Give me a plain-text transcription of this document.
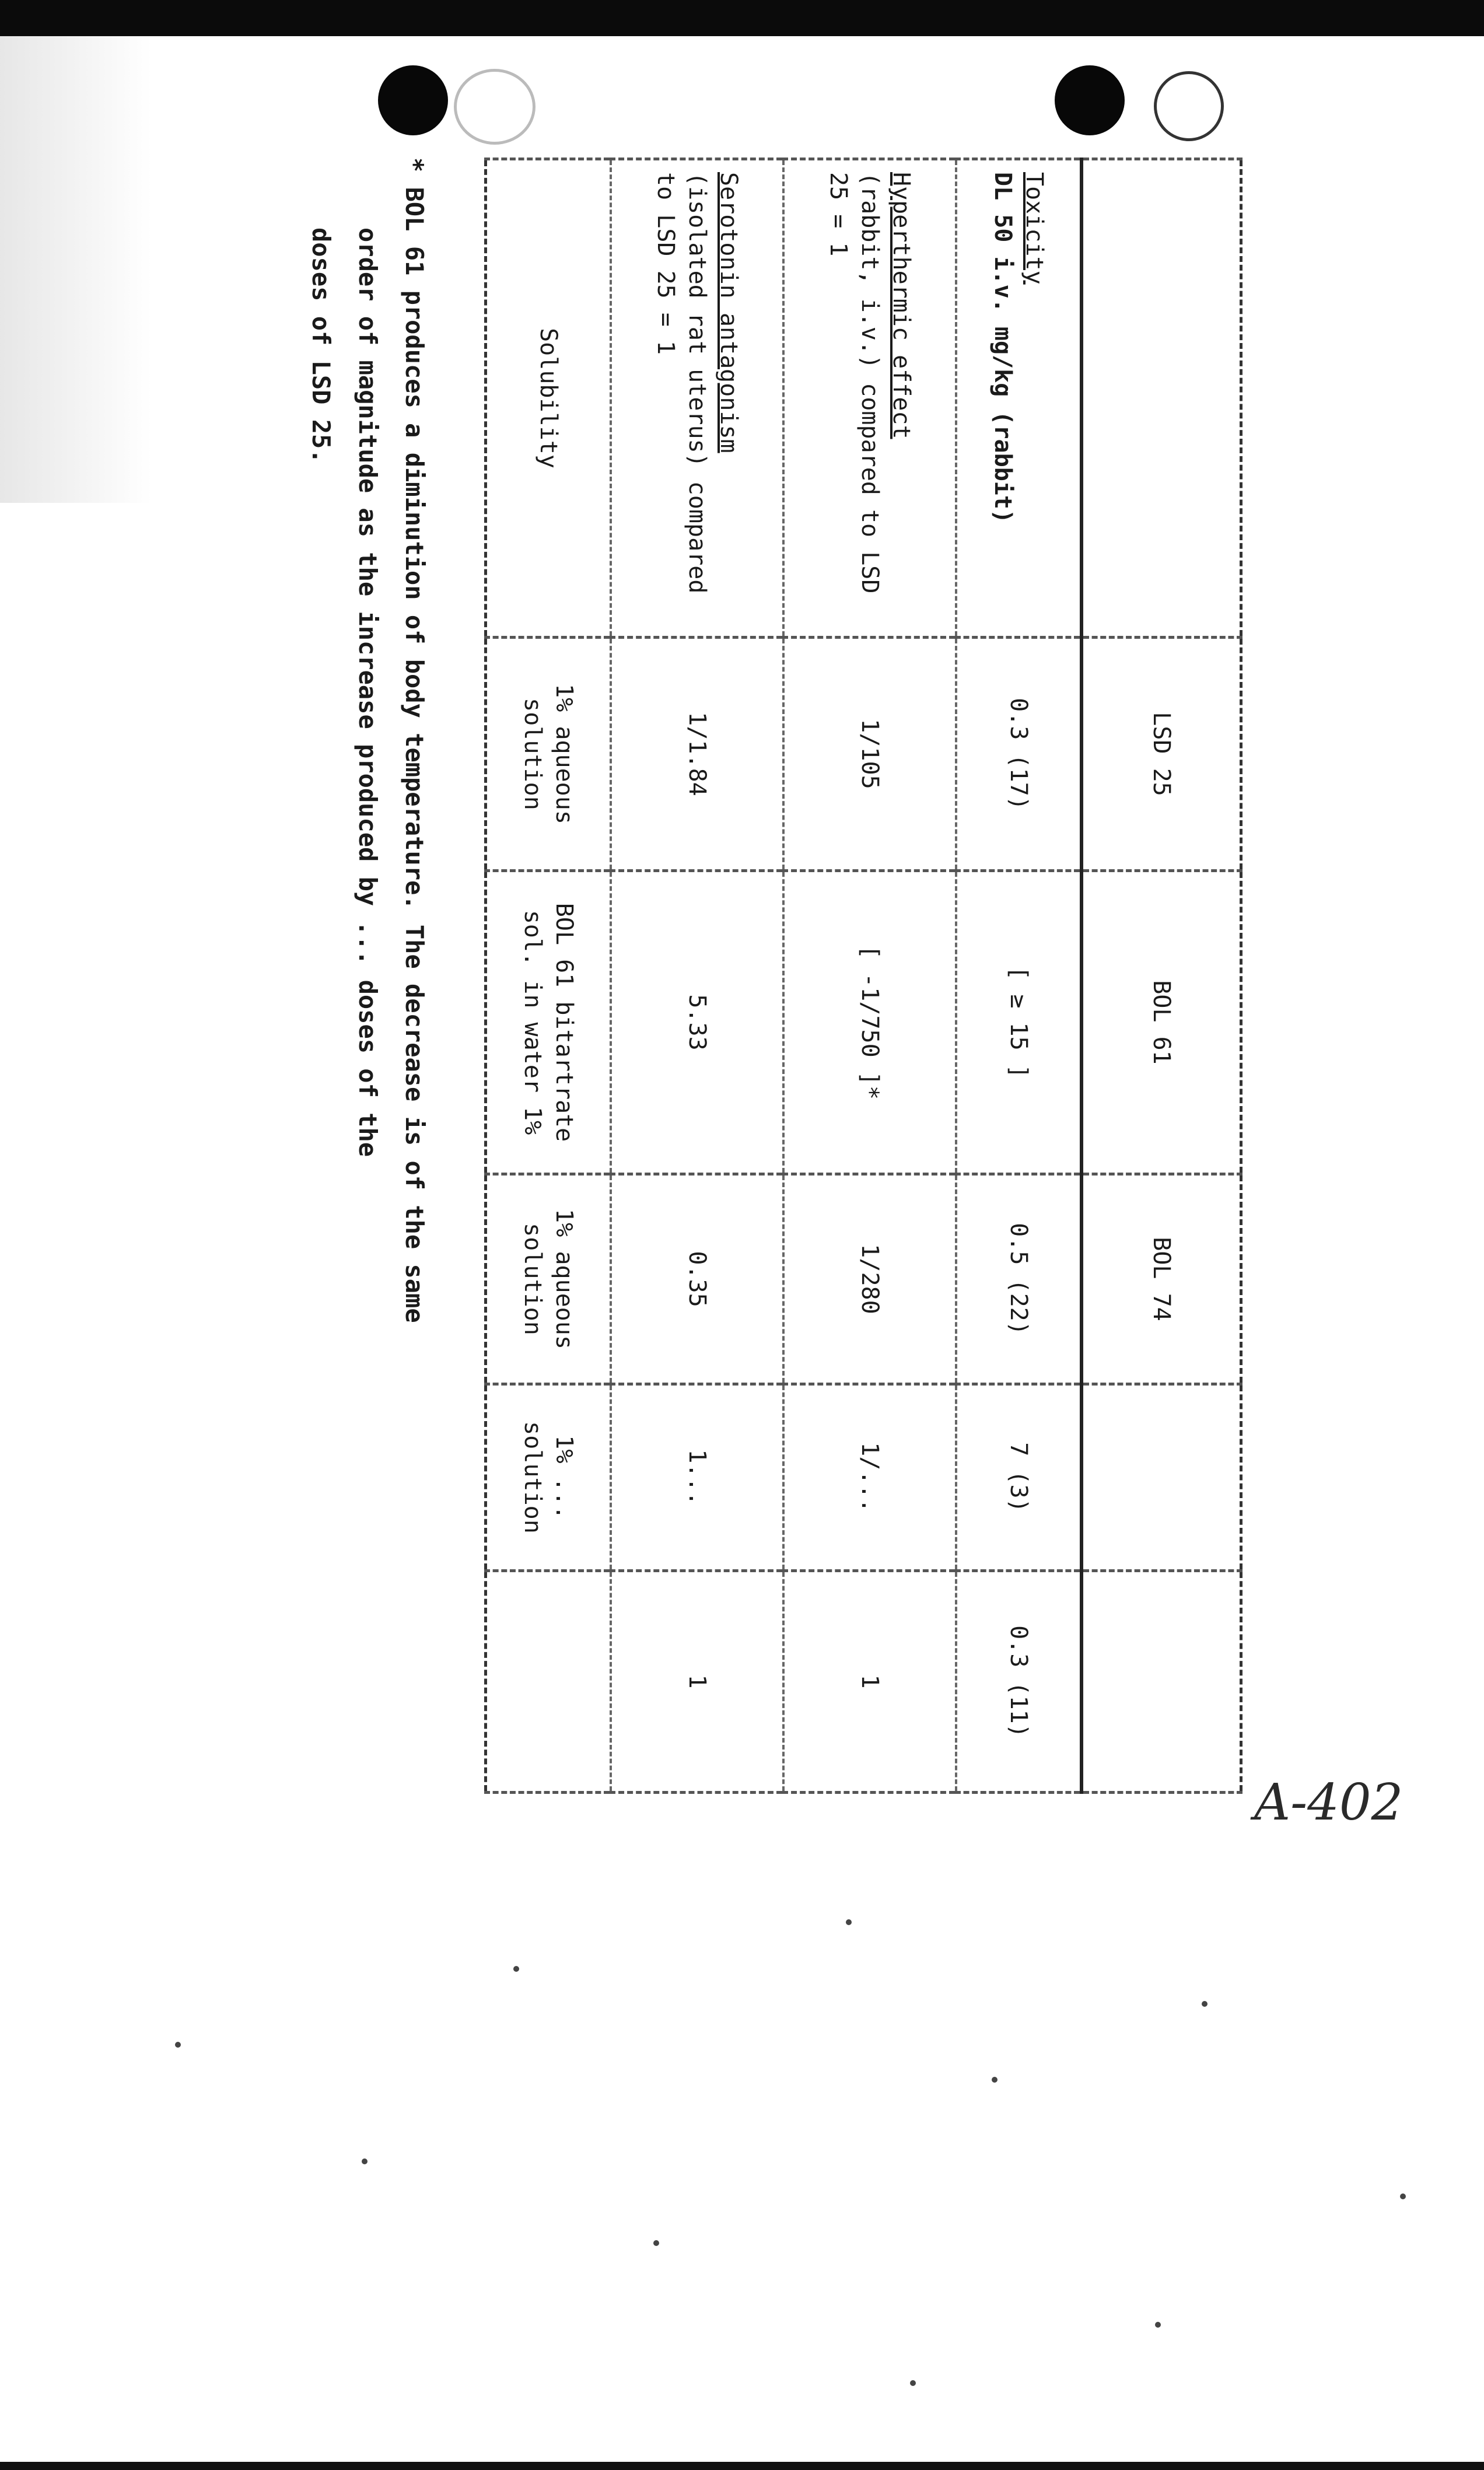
	LSD 25	BOL 61	BOL 74		

Toxicity
DL 50 i.v. mg/kg (rabbit)	0.3 (17)	[ ≥ 15 ]	0.5 (22)	7 (3)	0.3 (11)

Hyperthermic effect
(rabbit, i.v.) compared to LSD 25 = 1	1/105	[ -1/750 ]*	1/280	1/...	1

Serotonin antagonism
(isolated rat uterus) compared to LSD 25 = 1	1/1.84	5.33	0.35	1...	1

Solubility	1% aqueous solution	BOL 61 bitartrate sol. in water 1%	1% aqueous solution	1% ... solution	

* BOL 61 produces a diminution of body temperature. The decrease is of the same

order of magnitude as the increase produced by ... doses of the

doses of LSD 25.

A-402
